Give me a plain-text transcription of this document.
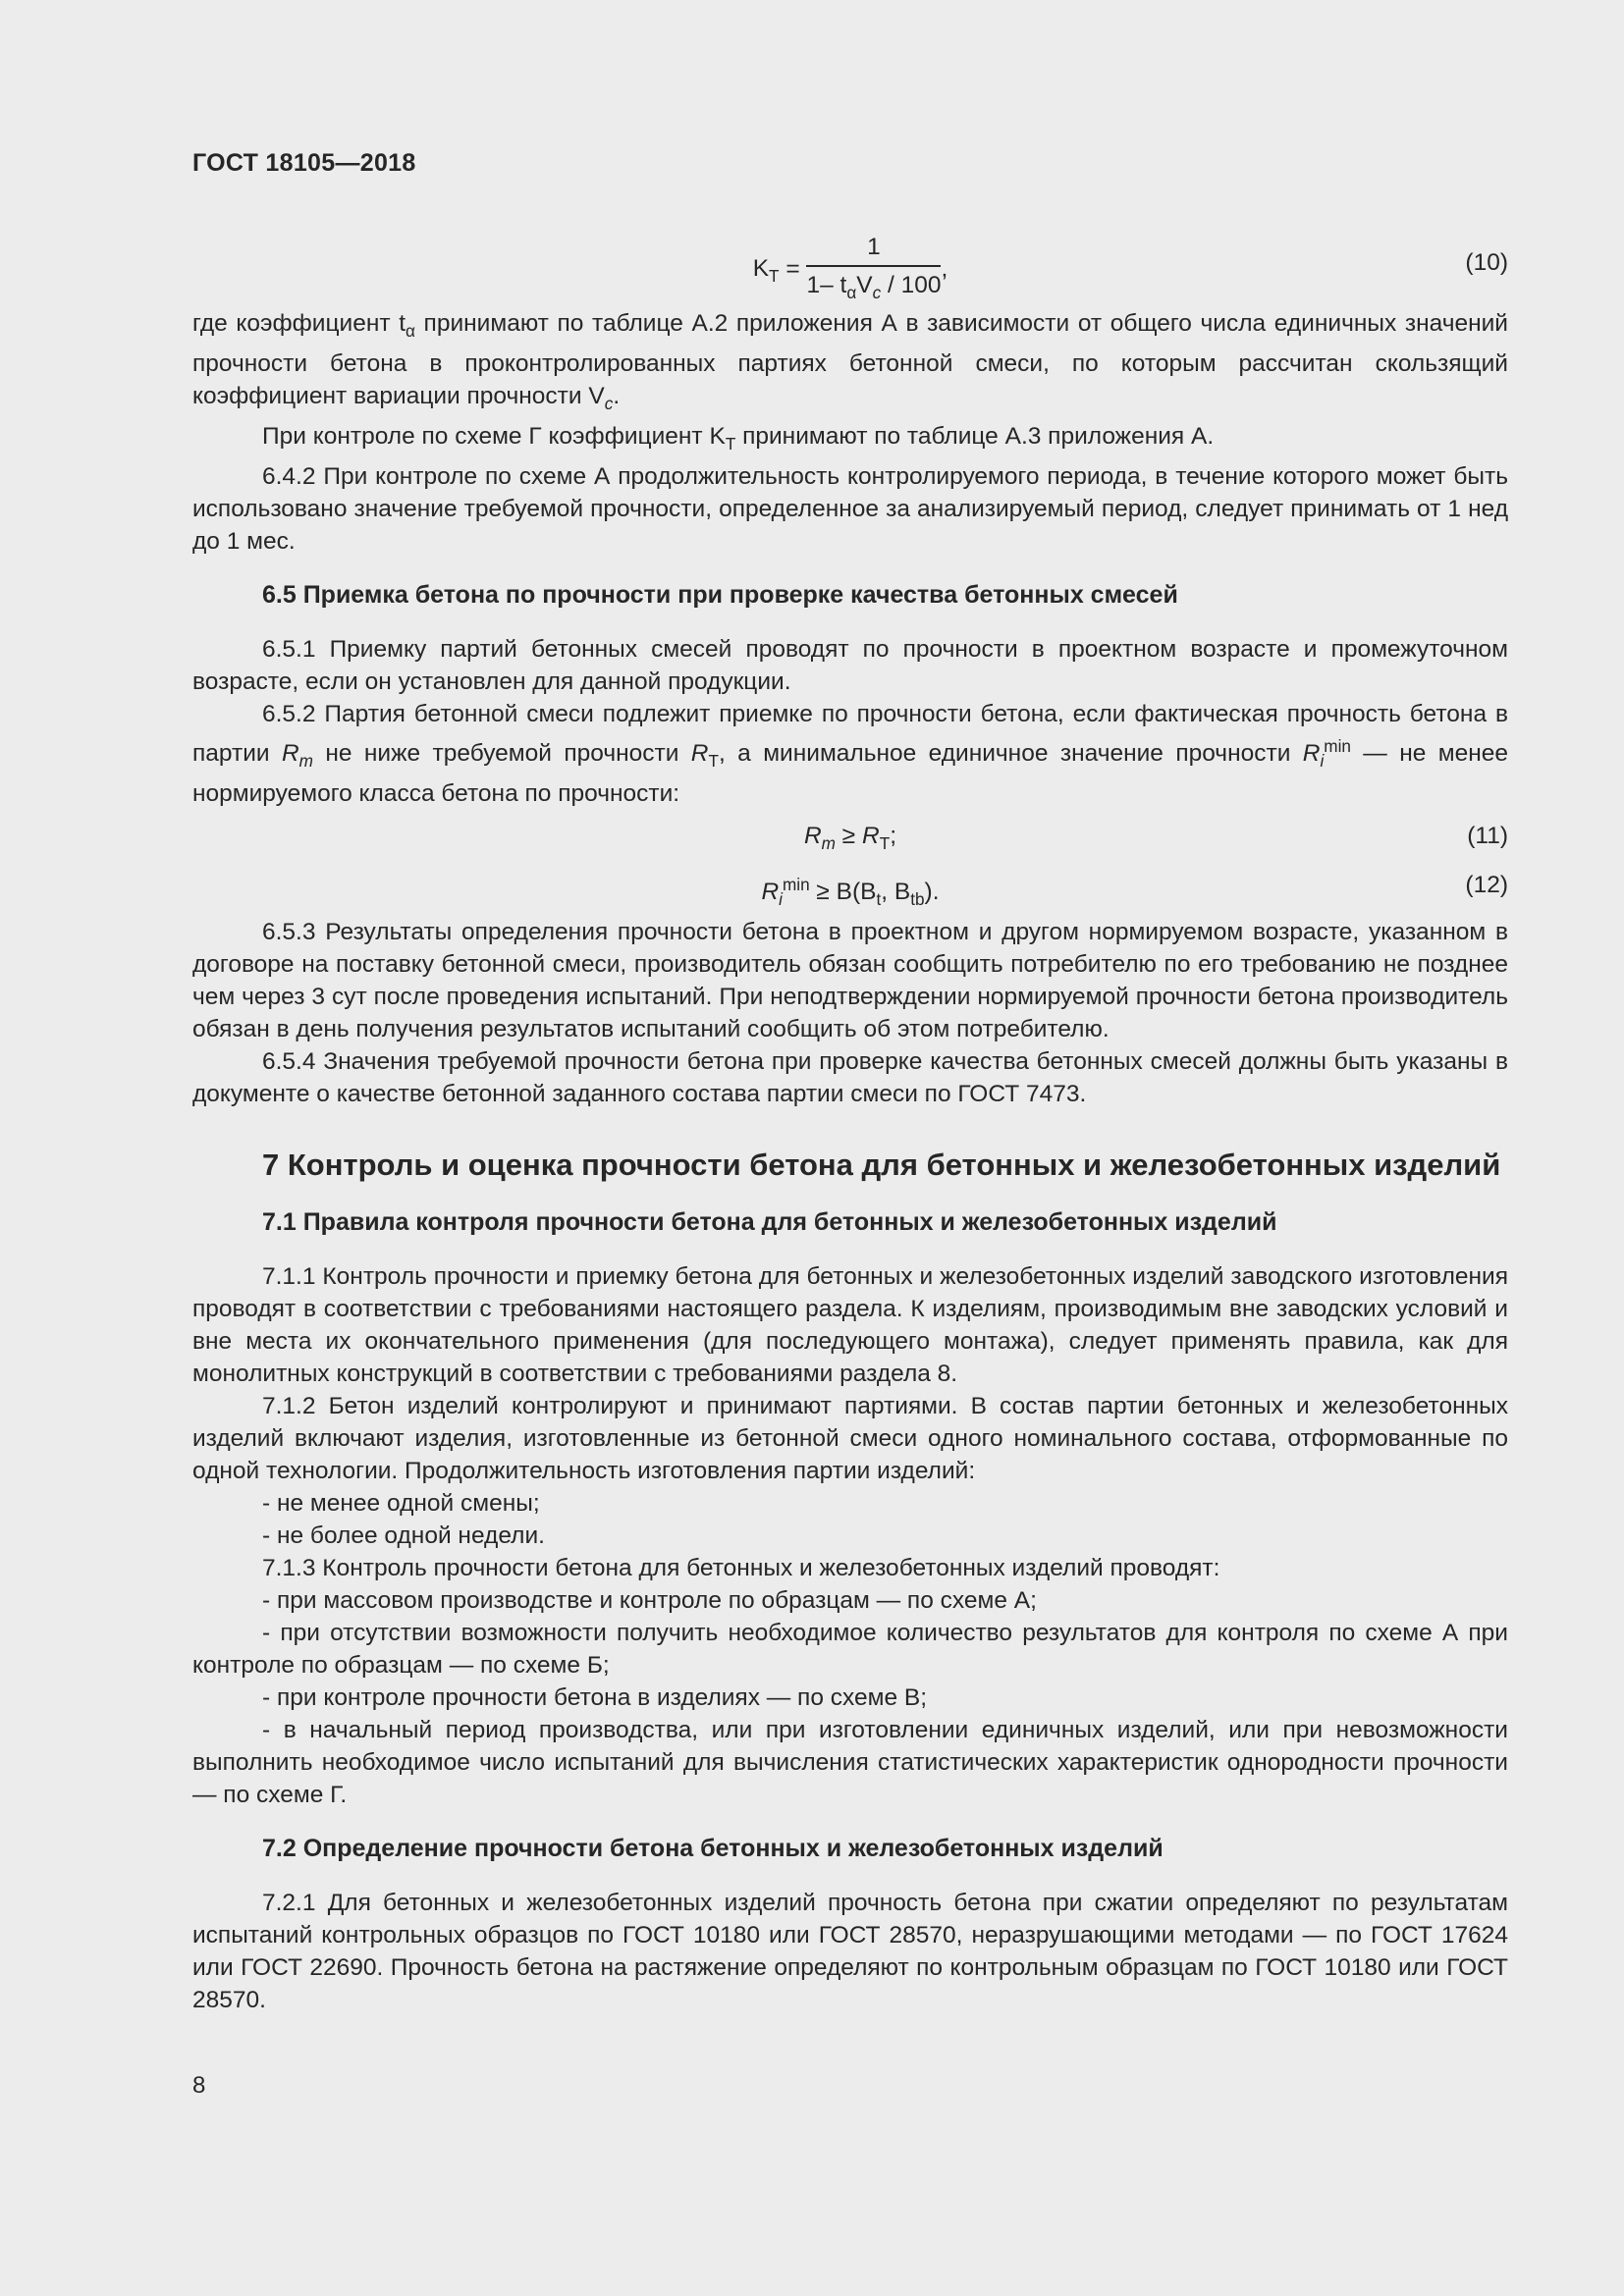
ГОСТ 18105—2018
$K_T = \frac{1}{1- t_\alpha V_c / 100}$ ,	(10)

где коэффициент $t_\alpha$ принимают по таблице А.2 приложения А в зависимости от общего числа единичных значений прочности бетона в проконтролированных партиях бетонной смеси, по которым рассчитан скользящий коэффициент вариации прочности $V_c$.

При контроле по схеме Г коэффициент $K_T$ принимают по таблице А.3 приложения А.

6.4.2 При контроле по схеме А продолжительность контролируемого периода, в течение которого может быть использовано значение требуемой прочности, определенное за анализируемый период, следует принимать от 1 нед до 1 мес.

6.5 Приемка бетона по прочности при проверке качества бетонных смесей

6.5.1 Приемку партий бетонных смесей проводят по прочности в проектном возрасте и промежуточном возрасте, если он установлен для данной продукции.

6.5.2 Партия бетонной смеси подлежит приемке по прочности бетона, если фактическая прочность бетона в партии $R_m$ не ниже требуемой прочности $R_T$, а минимальное единичное значение прочности $R_i^{min}$ — не менее нормируемого класса бетона по прочности:

$R_m \ge R_T$;	(11)
$R_i^{min} \ge B(B_t$, $B_{tb}$).	(12)

6.5.3 Результаты определения прочности бетона в проектном и другом нормируемом возрасте, указанном в договоре на поставку бетонной смеси, производитель обязан сообщить потребителю по его требованию не позднее чем через 3 сут после проведения испытаний. При неподтверждении нормируемой прочности бетона производитель обязан в день получения результатов испытаний сообщить об этом потребителю.

6.5.4 Значения требуемой прочности бетона при проверке качества бетонных смесей должны быть указаны в документе о качестве бетонной заданного состава партии смеси по ГОСТ 7473.

7 Контроль и оценка прочности бетона для бетонных и железобетонных изделий
7.1 Правила контроля прочности бетона для бетонных и железобетонных изделий

7.1.1 Контроль прочности и приемку бетона для бетонных и железобетонных изделий заводского изготовления проводят в соответствии с требованиями настоящего раздела. К изделиям, производимым вне заводских условий и вне места их окончательного применения (для последующего монтажа), следует применять правила, как для монолитных конструкций в соответствии с требованиями раздела 8.

7.1.2 Бетон изделий контролируют и принимают партиями. В состав партии бетонных и железобетонных изделий включают изделия, изготовленные из бетонной смеси одного номинального состава, отформованные по одной технологии. Продолжительность изготовления партии изделий:

- не менее одной смены;

- не более одной недели.

7.1.3 Контроль прочности бетона для бетонных и железобетонных изделий проводят:

- при массовом производстве и контроле по образцам — по схеме А;

- при отсутствии возможности получить необходимое количество результатов для контроля по схеме А при контроле по образцам — по схеме Б;

- при контроле прочности бетона в изделиях — по схеме В;

- в начальный период производства, или при изготовлении единичных изделий, или при невозможности выполнить необходимое число испытаний для вычисления статистических характеристик однородности прочности — по схеме Г.

7.2 Определение прочности бетона бетонных и железобетонных изделий

7.2.1 Для бетонных и железобетонных изделий прочность бетона при сжатии определяют по результатам испытаний контрольных образцов по ГОСТ 10180 или ГОСТ 28570, неразрушающими методами — по ГОСТ 17624 или ГОСТ 22690. Прочность бетона на растяжение определяют по контрольным образцам по ГОСТ 10180 или ГОСТ 28570.

8
